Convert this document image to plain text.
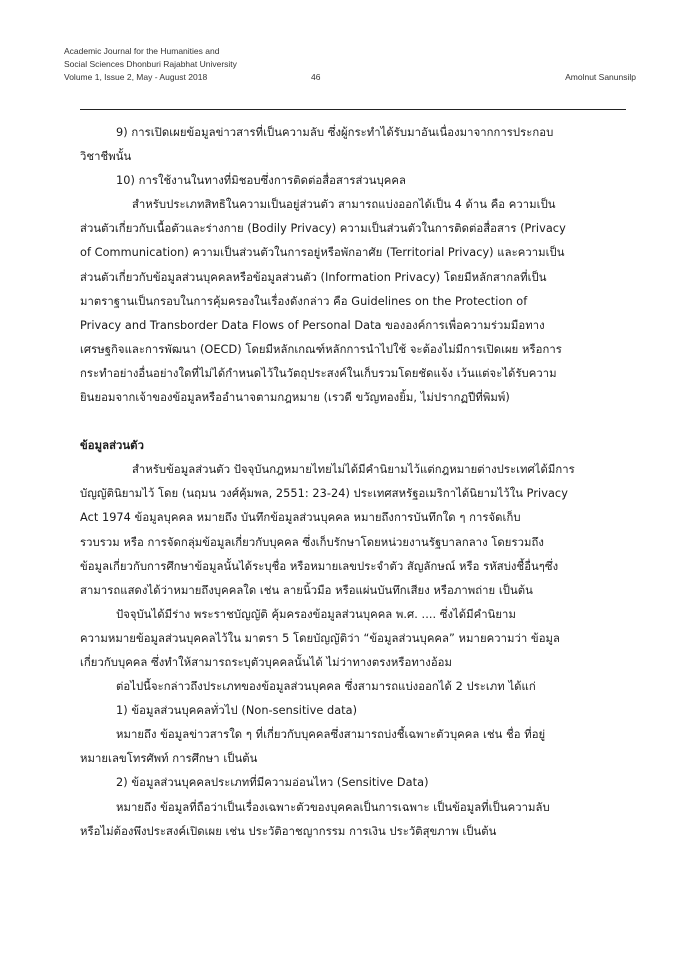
Academic Journal for the Humanities and
Social Sciences Dhonburi Rajabhat University
Volume 1, Issue 2, May - August 2018	46	Amolnut Sanunsilp

9) การเปิดเผยข้อมูลข่าวสารที่เป็นความลับ ซึ่งผู้กระทำได้รับมาอันเนื่องมาจากการประกอบ

วิชาชีพนั้น

10) การใช้งานในทางที่มิชอบซึ่งการติดต่อสื่อสารส่วนบุคคล

สำหรับประเภทสิทธิในความเป็นอยู่ส่วนตัว สามารถแบ่งออกได้เป็น 4 ด้าน คือ ความเป็น

ส่วนตัวเกี่ยวกับเนื้อตัวและร่างกาย (Bodily Privacy) ความเป็นส่วนตัวในการติดต่อสื่อสาร (Privacy

of Communication) ความเป็นส่วนตัวในการอยู่หรือพักอาศัย (Territorial Privacy) และความเป็น

ส่วนตัวเกี่ยวกับข้อมูลส่วนบุคคลหรือข้อมูลส่วนตัว (Information Privacy) โดยมีหลักสากลที่เป็น

มาตราฐานเป็นกรอบในการคุ้มครองในเรื่องดังกล่าว คือ Guidelines on the Protection of

Privacy and Transborder Data Flows of Personal Data ขององค์การเพื่อความร่วมมือทาง

เศรษฐกิจและการพัฒนา (OECD) โดยมีหลักเกณฑ์หลักการนำไปใช้ จะต้องไม่มีการเปิดเผย หรือการ

กระทำอย่างอื่นอย่างใดที่ไม่ได้กำหนดไว้ในวัตถุประสงค์ในเก็บรวมโดยชัดแจ้ง เว้นแต่จะได้รับความ

ยินยอมจากเจ้าของข้อมูลหรืออำนาจตามกฎหมาย (เรวดี ขวัญทองยิ้ม, ไม่ปรากฏปีที่พิมพ์)

ข้อมูลส่วนตัว

สำหรับข้อมูลส่วนตัว ปัจจุบันกฎหมายไทยไม่ได้มีคำนิยามไว้แต่กฎหมายต่างประเทศได้มีการ

บัญญัตินิยามไว้ โดย (นฤมน วงศ์คุ้มพล, 2551: 23-24) ประเทศสหรัฐอเมริกาได้นิยามไว้ใน Privacy

Act 1974 ข้อมูลบุคคล หมายถึง บันทึกข้อมูลส่วนบุคคล หมายถึงการบันทึกใด ๆ การจัดเก็บ

รวบรวม หรือ การจัดกลุ่มข้อมูลเกี่ยวกับบุคคล ซึ่งเก็บรักษาโดยหน่วยงานรัฐบาลกลาง โดยรวมถึง

ข้อมูลเกี่ยวกับการศึกษาข้อมูลนั้นได้ระบุชื่อ หรือหมายเลขประจำตัว สัญลักษณ์ หรือ รหัสบ่งชี้อื่นๆซึ่ง

สามารถแสดงได้ว่าหมายถึงบุคคลใด เช่น ลายนิ้วมือ หรือแผ่นบันทึกเสียง หรือภาพถ่าย เป็นต้น

ปัจจุบันได้มีร่าง พระราชบัญญัติ คุ้มครองข้อมูลส่วนบุคคล พ.ศ. .... ซึ่งได้มีคำนิยาม

ความหมายข้อมูลส่วนบุคคลไว้ใน มาตรา 5 โดยบัญญัติว่า “ข้อมูลส่วนบุคคล” หมายความว่า ข้อมูล

เกี่ยวกับบุคคล ซึ่งทำให้สามารถระบุตัวบุคคลนั้นได้ ไม่ว่าทางตรงหรือทางอ้อม

ต่อไปนี้จะกล่าวถึงประเภทของข้อมูลส่วนบุคคล ซึ่งสามารถแบ่งออกได้ 2 ประเภท ได้แก่

1) ข้อมูลส่วนบุคคลทั่วไป (Non-sensitive data)

หมายถึง ข้อมูลข่าวสารใด ๆ ที่เกี่ยวกับบุคคลซึ่งสามารถบ่งชี้เฉพาะตัวบุคคล เช่น ชื่อ ที่อยู่

หมายเลขโทรศัพท์ การศึกษา เป็นต้น

2) ข้อมูลส่วนบุคคลประเภทที่มีความอ่อนไหว (Sensitive Data)

หมายถึง ข้อมูลที่ถือว่าเป็นเรื่องเฉพาะตัวของบุคคลเป็นการเฉพาะ เป็นข้อมูลที่เป็นความลับ

หรือไม่ต้องพึงประสงค์เปิดเผย เช่น ประวัติอาชญากรรม การเงิน ประวัติสุขภาพ เป็นต้น
